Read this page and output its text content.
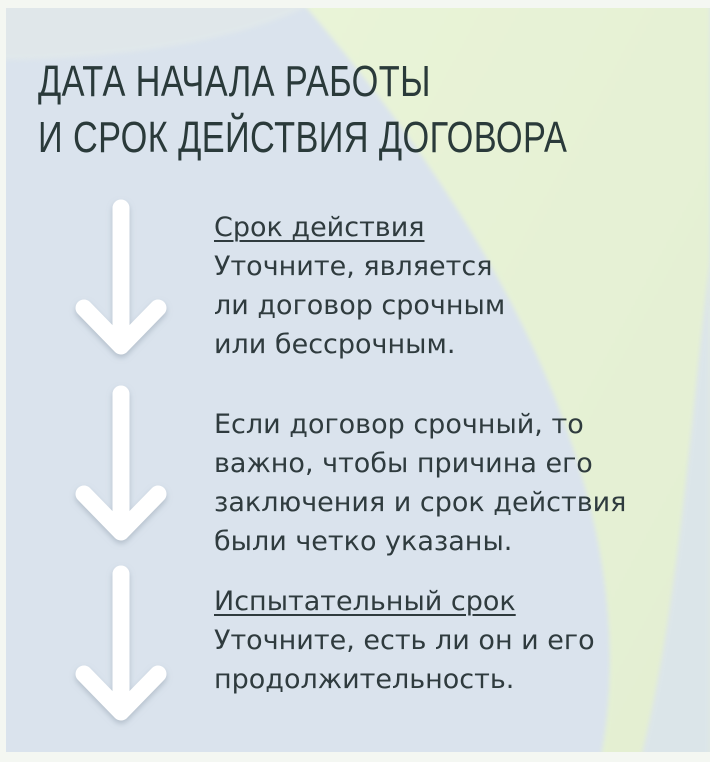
ДАТА НАЧАЛА РАБОТЫ
И СРОК ДЕЙСТВИЯ ДОГОВОРА

Срок действия

Уточните, является

ли договор срочным

или бессрочным.

Если договор срочный, то

важно, чтобы причина его

заключения и срок действия

были четко указаны.

Испытательный срок

Уточните, есть ли он и его

продолжительность.
